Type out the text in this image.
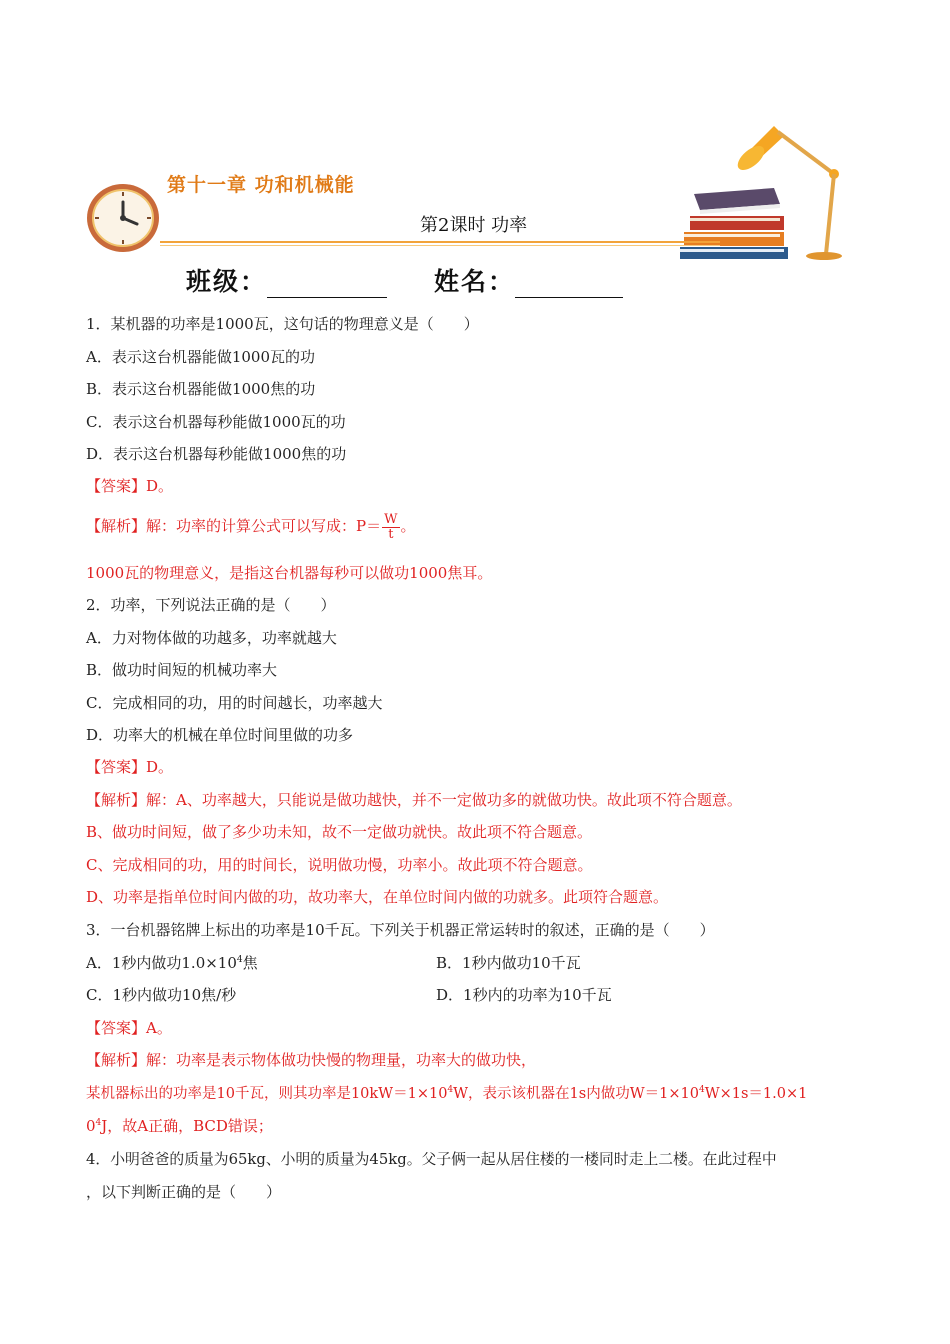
第十一章 功和机械能
第2课时 功率
班级：	姓名：
1．某机器的功率是1000瓦，这句话的物理意义是（　　）
A．表示这台机器能做1000瓦的功
B．表示这台机器能做1000焦的功
C．表示这台机器每秒能做1000瓦的功
D．表示这台机器每秒能做1000焦的功
【答案】D。
【解析】解：功率的计算公式可以写成：$P= \frac{W}{t}$ 。
1000瓦的物理意义，是指这台机器每秒可以做功1000焦耳。
2．功率，下列说法正确的是（　　）
A．力对物体做的功越多，功率就越大
B．做功时间短的机械功率大
C．完成相同的功，用的时间越长，功率越大
D．功率大的机械在单位时间里做的功多
【答案】D。
【解析】解：A、功率越大，只能说是做功越快，并不一定做功多的就做功快。故此项不符合题意。
B、做功时间短，做了多少功未知，故不一定做功就快。故此项不符合题意。
C、完成相同的功，用的时间长，说明做功慢，功率小。故此项不符合题意。
D、功率是指单位时间内做的功，故功率大，在单位时间内做的功就多。此项符合题意。
3．一台机器铭牌上标出的功率是10千瓦。下列关于机器正常运转时的叙述，正确的是（　　）
A．1秒内做功$1.0\times 10^4$焦	B．1秒内做功10千瓦
C．1秒内做功10焦/秒	D．1秒内的功率为10千瓦
【答案】A。
【解析】解：功率是表示物体做功快慢的物理量，功率大的做功快，
某机器标出的功率是10千瓦，则其功率是$10kW=1\times 10^4W$，表示该机器在1s内做功$W=1\times 10^4W\times 1s=1.0\times 1$
$0^4J$，故A正确，BCD错误；
4．小明爸爸的质量为65kg、小明的质量为45kg。父子俩一起从居住楼的一楼同时走上二楼。在此过程中
，以下判断正确的是（　　）
